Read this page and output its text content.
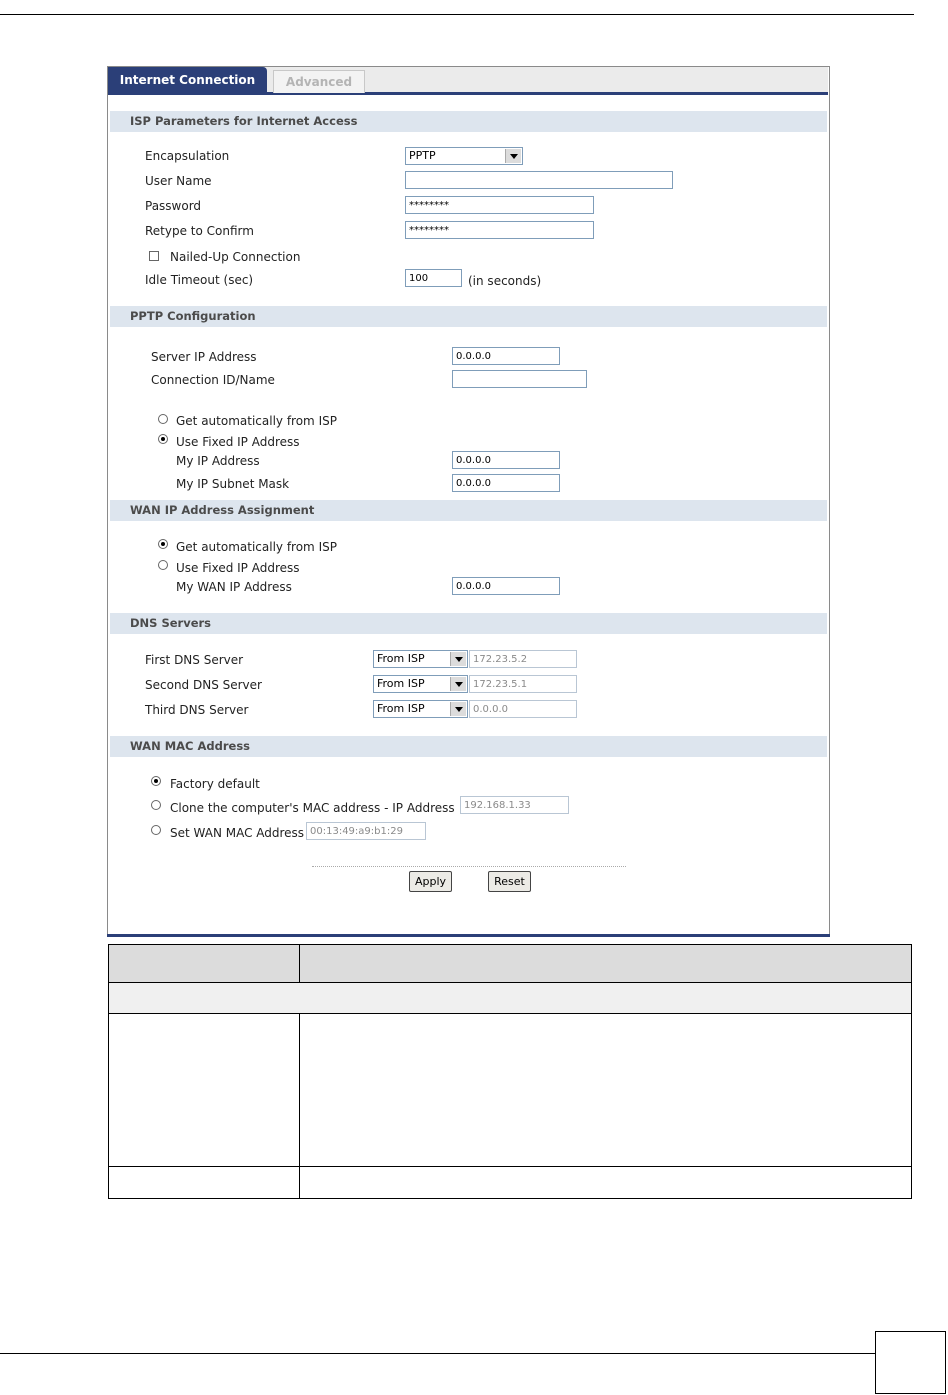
Internet Connection	Advanced
ISP Parameters for Internet Access
Encapsulation	PPTP
User Name
Password	********
Retype to Confirm	********
Nailed-Up Connection
Idle Timeout (sec)	100	(in seconds)
PPTP Configuration
Server IP Address	0.0.0.0
Connection ID/Name
Get automatically from ISP
Use Fixed IP Address
My IP Address	0.0.0.0
My IP Subnet Mask	0.0.0.0
WAN IP Address Assignment
Get automatically from ISP
Use Fixed IP Address
My WAN IP Address	0.0.0.0
DNS Servers
First DNS Server	From ISP	172.23.5.2
Second DNS Server	From ISP	172.23.5.1
Third DNS Server	From ISP	0.0.0.0
WAN MAC Address
Factory default
Clone the computer's MAC address - IP Address 192.168.1.33
Set WAN MAC Address 00:13:49:a9:b1:29
Apply	Reset
